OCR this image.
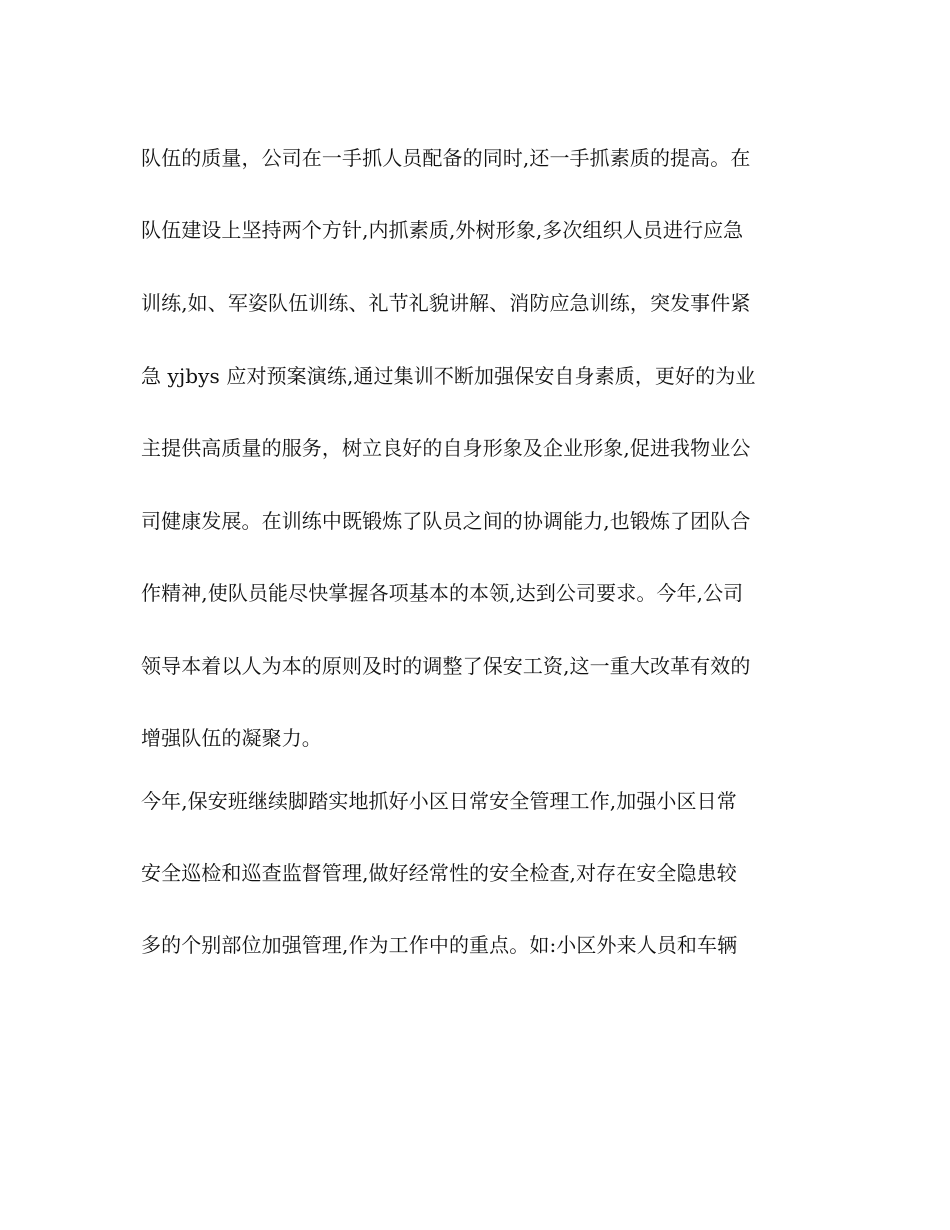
队伍的质量，公司在一手抓人员配备的同时,还一手抓素质的提高。在

队伍建设上坚持两个方针,内抓素质,外树形象,多次组织人员进行应急

训练,如、军姿队伍训练、礼节礼貌讲解、消防应急训练，突发事件紧

急 yjbys 应对预案演练,通过集训不断加强保安自身素质，更好的为业

主提供高质量的服务，树立良好的自身形象及企业形象,促进我物业公

司健康发展。在训练中既锻炼了队员之间的协调能力,也锻炼了团队合

作精神,使队员能尽快掌握各项基本的本领,达到公司要求。今年,公司

领导本着以人为本的原则及时的调整了保安工资,这一重大改革有效的

增强队伍的凝聚力。

今年,保安班继续脚踏实地抓好小区日常安全管理工作,加强小区日常

安全巡检和巡查监督管理,做好经常性的安全检查,对存在安全隐患较

多的个别部位加强管理,作为工作中的重点。如:小区外来人员和车辆
